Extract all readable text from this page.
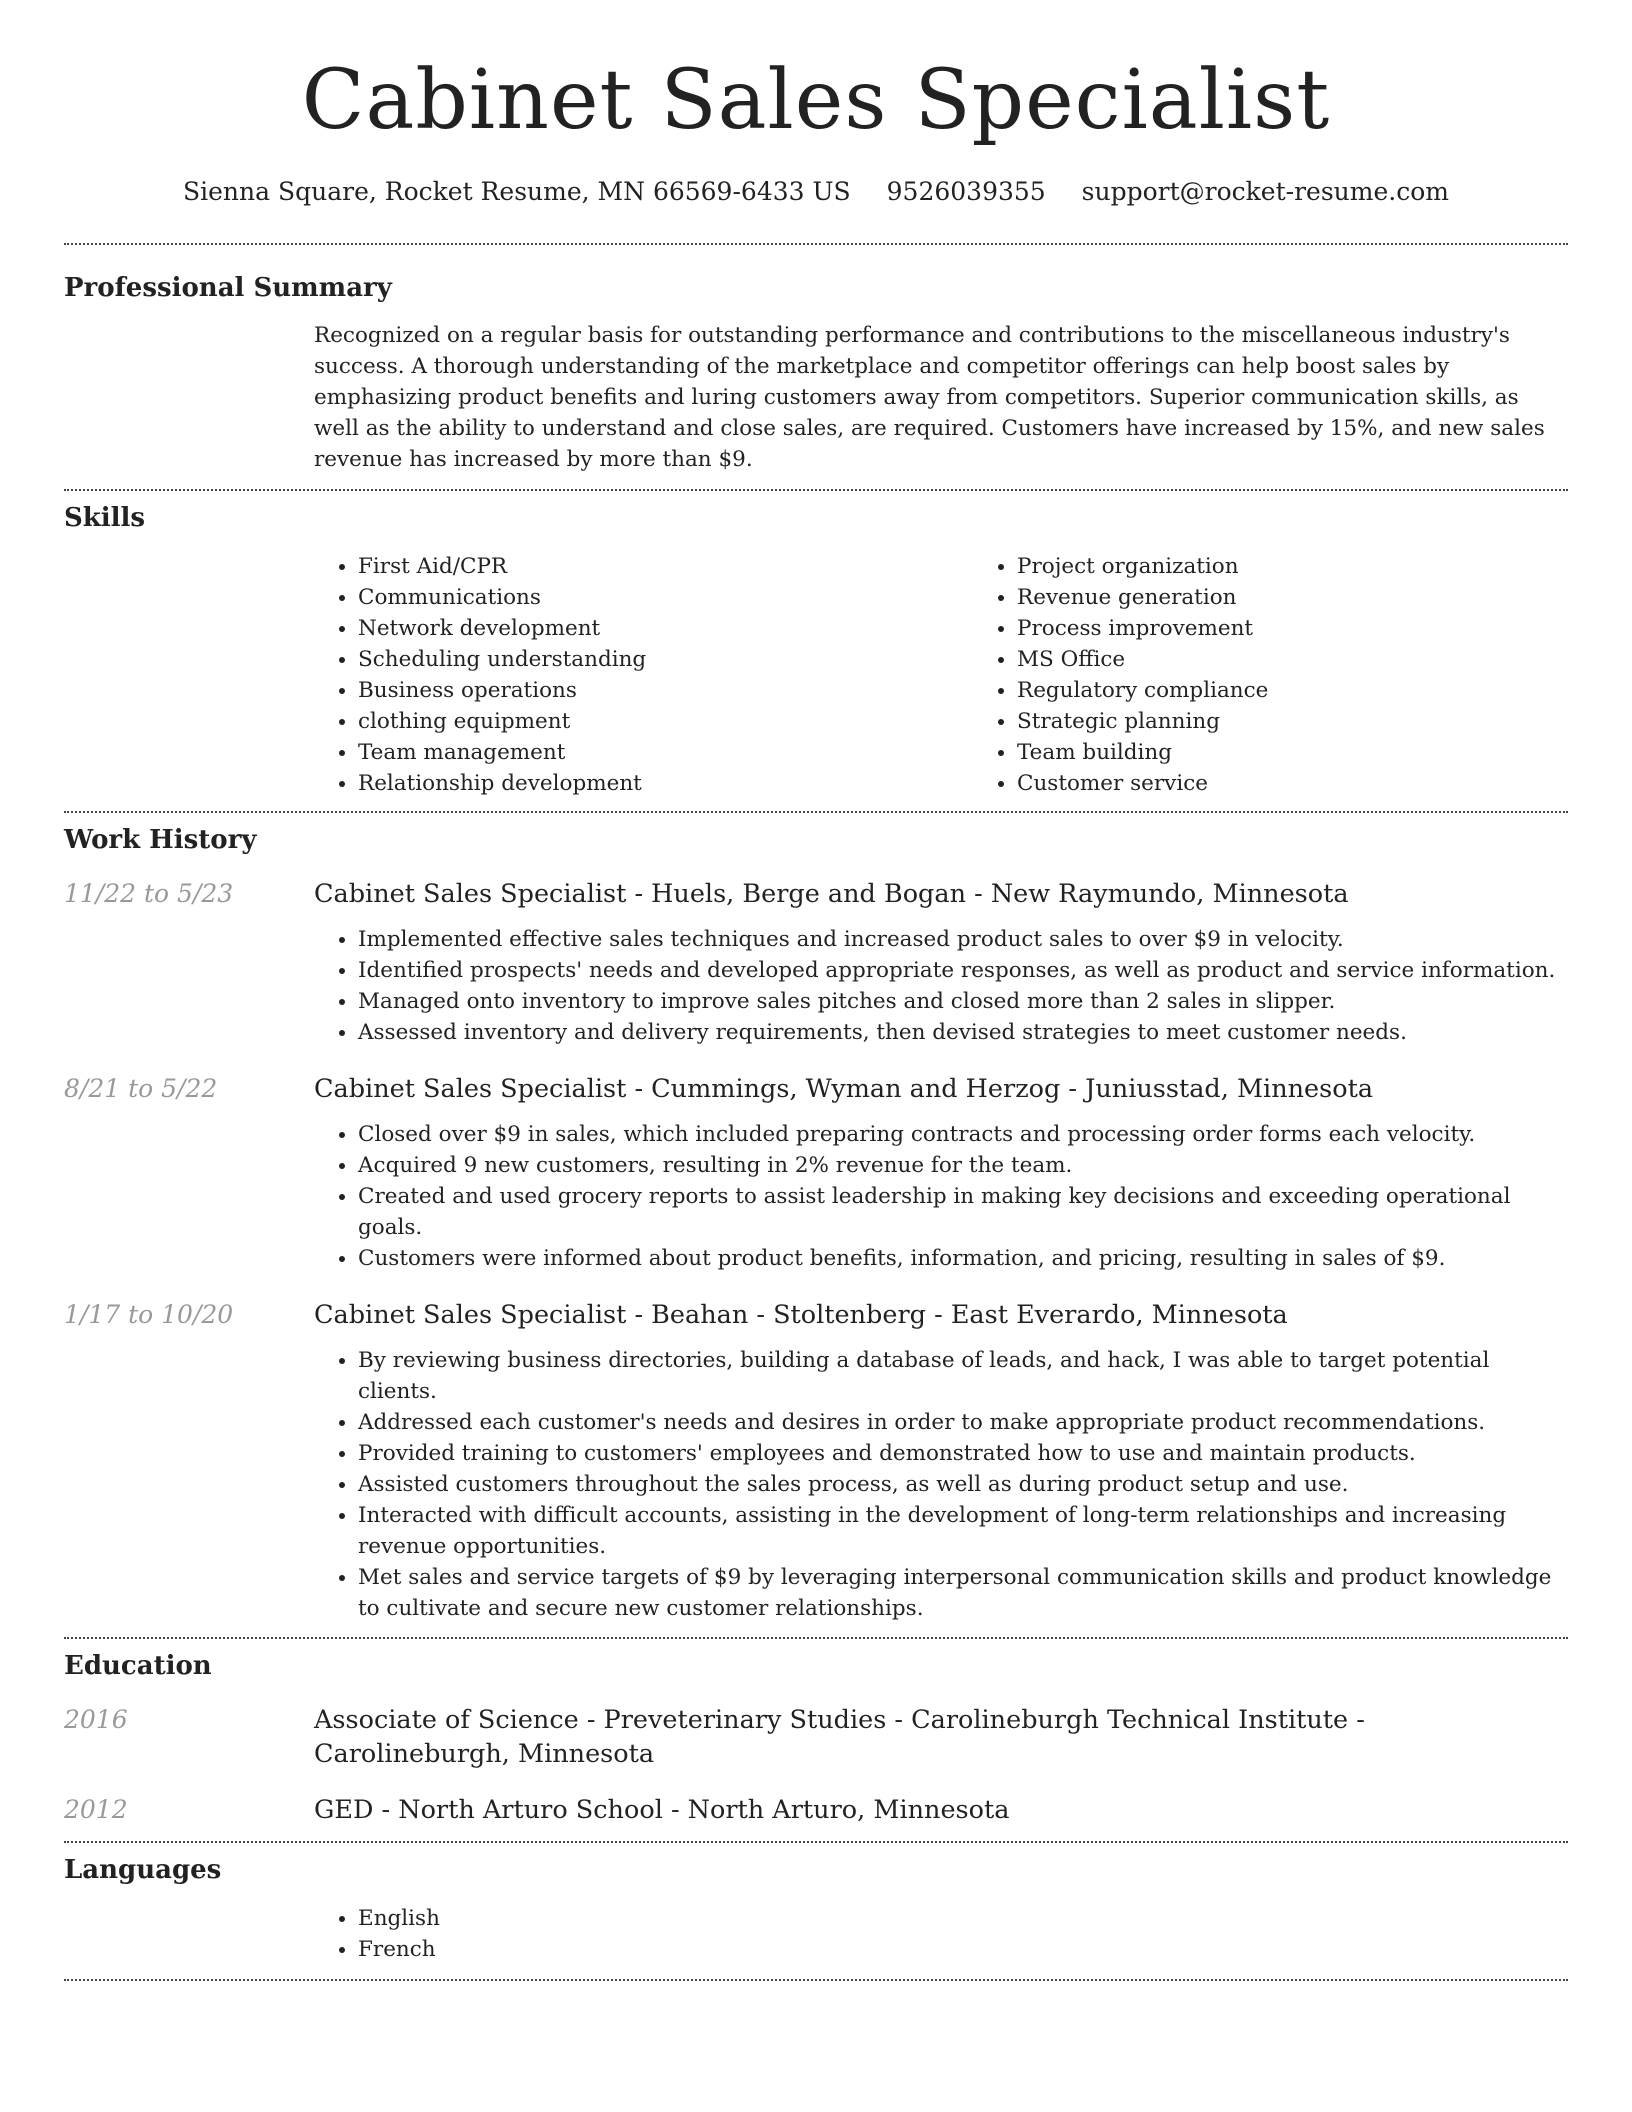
Cabinet Sales Specialist
Sienna Square, Rocket Resume, MN 66569-6433 US 9526039355 support@rocket-resume.com
Professional Summary

Recognized on a regular basis for outstanding performance and contributions to the miscellaneous industry's success. A thorough understanding of the marketplace and competitor offerings can help boost sales by emphasizing product benefits and luring customers away from competitors. Superior communication skills, as well as the ability to understand and close sales, are required. Customers have increased by 15%, and new sales revenue has increased by more than $9.

Skills
• First Aid/CPR
• Communications
• Network development
• Scheduling understanding
• Business operations
• clothing equipment
• Team management
• Relationship development
• Project organization
• Revenue generation
• Process improvement
• MS Office
• Regulatory compliance
• Strategic planning
• Team building
• Customer service
Work History
11/22 to 5/23	Cabinet Sales Specialist - Huels, Berge and Bogan - New Raymundo, Minnesota

• Implemented effective sales techniques and increased product sales to over $9 in velocity.
• Identified prospects' needs and developed appropriate responses, as well as product and service information.
• Managed onto inventory to improve sales pitches and closed more than 2 sales in slipper.
• Assessed inventory and delivery requirements, then devised strategies to meet customer needs.
8/21 to 5/22	Cabinet Sales Specialist - Cummings, Wyman and Herzog - Juniusstad, Minnesota

• Closed over $9 in sales, which included preparing contracts and processing order forms each velocity.
• Acquired 9 new customers, resulting in 2% revenue for the team.
• Created and used grocery reports to assist leadership in making key decisions and exceeding operational goals.
• Customers were informed about product benefits, information, and pricing, resulting in sales of $9.
1/17 to 10/20	Cabinet Sales Specialist - Beahan - Stoltenberg - East Everardo, Minnesota

• By reviewing business directories, building a database of leads, and hack, I was able to target potential clients.
• Addressed each customer's needs and desires in order to make appropriate product recommendations.
• Provided training to customers' employees and demonstrated how to use and maintain products.
• Assisted customers throughout the sales process, as well as during product setup and use.
• Interacted with difficult accounts, assisting in the development of long-term relationships and increasing revenue opportunities.
• Met sales and service targets of $9 by leveraging interpersonal communication skills and product knowledge to cultivate and secure new customer relationships.
Education
2016	Associate of Science - Preveterinary Studies - Carolineburgh Technical Institute - Carolineburgh, Minnesota

2012	GED - North Arturo School - North Arturo, Minnesota

Languages
• English
• French
